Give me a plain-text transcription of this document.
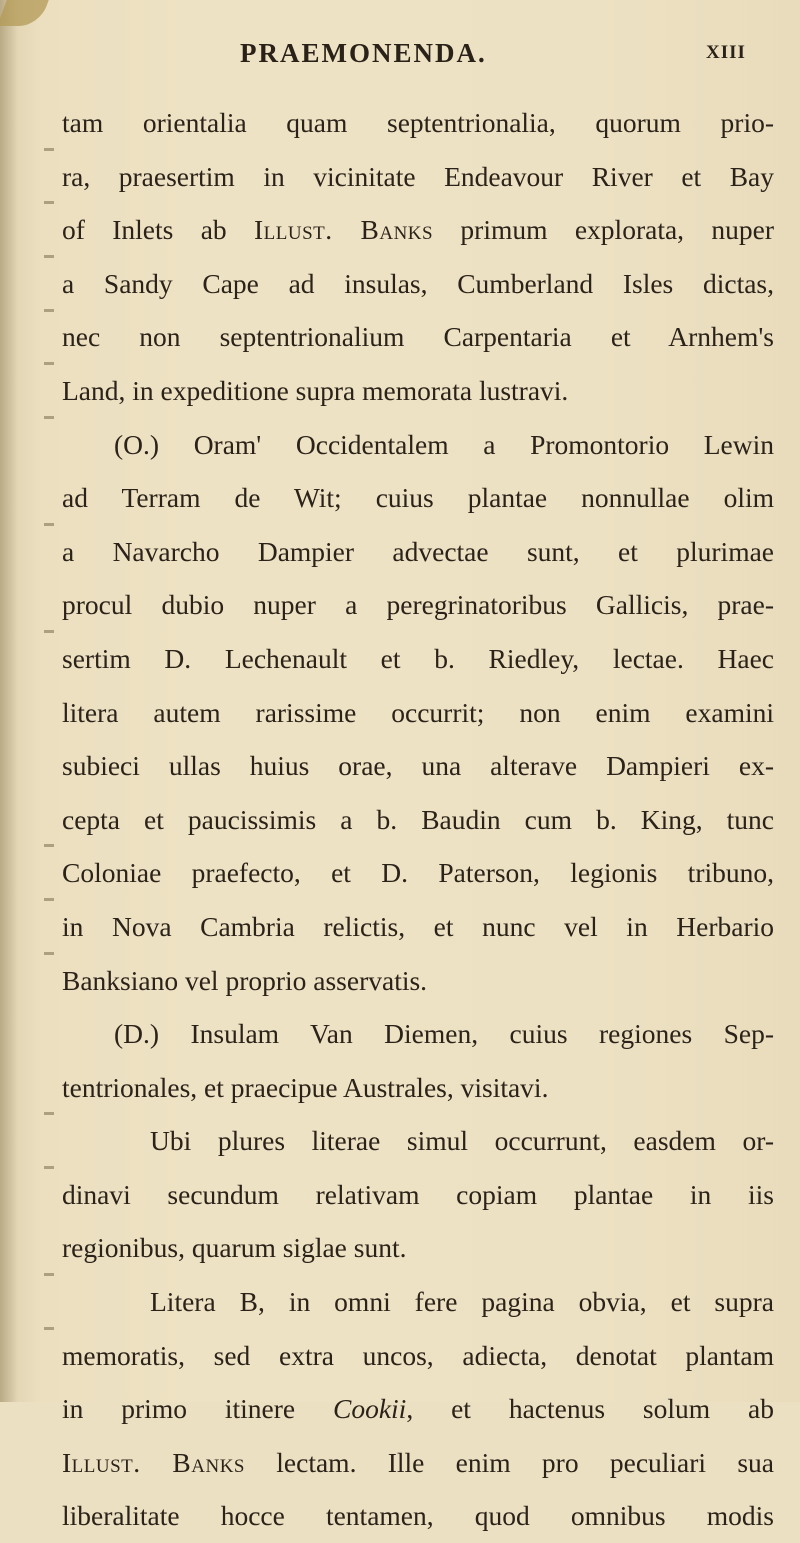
PRAEMONENDA.	XIII
tam orientalia quam septentrionalia, quorum prio-
ra, praesertim in vicinitate Endeavour River et Bay
of Inlets ab Illust. Banks primum explorata, nuper
a Sandy Cape ad insulas, Cumberland Isles dictas,
nec non septentrionalium Carpentaria et Arnhem's
Land, in expeditione supra memorata lustravi.
(O.) Oram' Occidentalem a Promontorio Lewin
ad Terram de Wit; cuius plantae nonnullae olim
a Navarcho Dampier advectae sunt, et plurimae
procul dubio nuper a peregrinatoribus Gallicis, prae-
sertim D. Lechenault et b. Riedley, lectae. Haec
litera autem rarissime occurrit; non enim examini
subieci ullas huius orae, una alterave Dampieri ex-
cepta et paucissimis a b. Baudin cum b. King, tunc
Coloniae praefecto, et D. Paterson, legionis tribuno,
in Nova Cambria relictis, et nunc vel in Herbario
Banksiano vel proprio asservatis.
(D.) Insulam Van Diemen, cuius regiones Sep-
tentrionales, et praecipue Australes, visitavi.
Ubi plures literae simul occurrunt, easdem or-
dinavi secundum relativam copiam plantae in iis
regionibus, quarum siglae sunt.
Litera B, in omni fere pagina obvia, et supra
memoratis, sed extra uncos, adiecta, denotat plantam
in primo itinere Cookii, et hactenus solum ab
Illust. Banks lectam. Ille enim pro peculiari sua
liberalitate hocce tentamen, quod omnibus modis
